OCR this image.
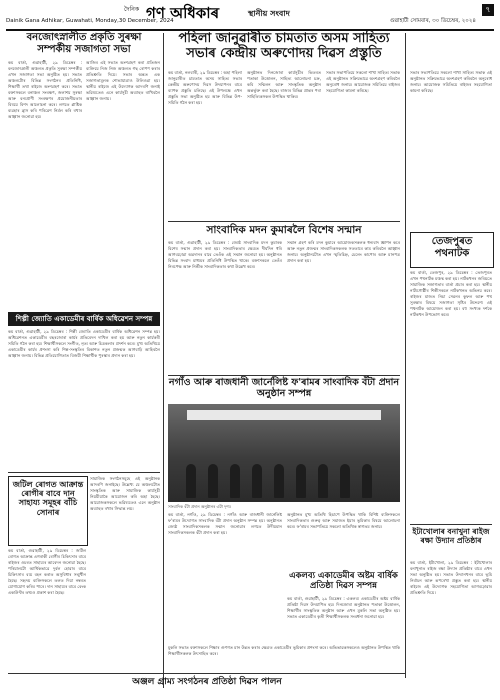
দৈনিক গণ অধিকাৰ	স্থানীয় সংবাদ
Dainik Gana Adhikar, Guwahati, Monday,30 December, 2024	গুৱাহাটী সোমবাৰ, ৩০ ডিচেম্বৰ, ২০২৪
৭
বনজোৎস্নালীত প্ৰকৃতি সুৰক্ষা সম্পৰ্কীয় সজাগতা সভা

কম বাৰ্তা, গুৱাহাটী, ২৯ ডিচেম্বৰ : বনজোৎস্নালী অঞ্চলত প্ৰকৃতি সুৰক্ষা সম্পৰ্কীয় এখন সজাগতা সভা অনুষ্ঠিত হয়। সভাত অঞ্চলটোৰ বিভিন্ন সংগঠনৰ প্ৰতিনিধি, শিক্ষাৰ্থী তথা ৰাইজে অংশগ্ৰহণ কৰে। সভাত বক্তাসকলে বনাঞ্চল সংৰক্ষণ, জলাশয় সুৰক্ষা আৰু বন্যপ্ৰাণী সংৰক্ষণৰ প্ৰয়োজনীয়তাৰ বিষয়ে বিশদ আলোচনা কৰে। লগতে প্লাষ্টিক ব্যৱহাৰ হ্ৰাস কৰি পৰিৱেশ নিৰ্মল কৰি ৰখাৰ আহ্বান জনোৱা হয়।

আজিৰ এই সভাত অংশগ্ৰহণ কৰা প্ৰতিজন ব্যক্তিয়ে নিজ নিজ অঞ্চলত গছ ৰোপণ কৰাৰ প্ৰতিশ্ৰুতি দিয়ে। সভাৰ অন্তত এক সজাগতামূলক শোভাযাত্ৰাও উলিওৱা হয়। স্থানীয় ৰাইজে এই উদ্যোগক আদৰণি জনাই ভৱিষ্যতেও এনে কাৰ্যসূচী অব্যাহত ৰাখিবলৈ আহ্বান জনায়।

শিল্পী জ্যোতি একাডেমীৰ বাৰ্ষিক অধিৱেশন সম্পন্ন

কম বাৰ্তা, গুৱাহাটী, ২৯ ডিচেম্বৰ : শিল্পী জ্যোতি একাডেমীৰ বাৰ্ষিক অধিৱেশন সম্পন্ন হয়। অধিৱেশনত একাডেমীৰ বছৰজোৰা কাৰ্যৰ প্ৰতিবেদন দাখিল কৰা হয় আৰু নতুন কাৰ্যকৰী সমিতি গঠন কৰা হয়। শিক্ষাৰ্থীসকলে সংগীত, নৃত্য আৰু চিত্ৰকলাৰ প্ৰদৰ্শন কৰে। মুখ্য অতিথিয়ে একাডেমীৰ কাৰ্যৰ প্ৰশংসা কৰি শিল্প-সংস্কৃতিৰ বিকাশত নতুন প্ৰজন্মক আগবাঢ়ি আহিবলৈ আহ্বান জনায়। বিভিন্ন প্ৰতিযোগিতাত বিজয়ী শিক্ষাৰ্থীক পুৰস্কাৰ প্ৰদান কৰা হয়।

জটিল ৰোগত আক্ৰান্ত ৰোগীৰ বাবে দান সাহায্য সমূহৰ বাঁচি সোনাৰ

সামাজিক সংগঠনসমূহে এই অনুষ্ঠানক আদৰণি জনাইছে। উল্লেখ্য যে অঞ্চলটোত সাংস্কৃতিক আৰু সামাজিক কাৰ্যসূচী নিয়মীয়াকৈ আয়োজন কৰি অহা হৈছে। আয়োজকসকলে ভৱিষ্যতেও এনে অনুষ্ঠান অব্যাহত ৰখাৰ সিদ্ধান্ত লয়।

কম বাৰ্তা, গুৱাহাটী, ২৯ ডিচেম্বৰ : জটিল ৰোগত আক্ৰান্ত এগৰাকী ৰোগীৰ চিকিৎসাৰ বাবে ৰাইজৰ ওচৰত সাহায্যৰ আবেদন জনোৱা হৈছে। পৰিয়ালটো আৰ্থিকভাৱে দুৰ্বল হোৱাৰ বাবে চিকিৎসাৰ ব্যয় বহন কৰাত অসুবিধাৰ সন্মুখীন হৈছে। সহৃদয় ব্যক্তিসকলে তলত দিয়া নম্বৰত যোগাযোগ কৰিব পাৰে। দান সাহায্যৰ বাবে বেংক একাউণ্টৰ তথ্যও প্ৰকাশ কৰা হৈছে।

পহিলা জানুৱাৰীত চামতাত অসম সাহিত্য সভাৰ কেন্দ্ৰীয় অৰুণোদয় দিৱস প্ৰস্তুতি

কম বাৰ্তা, নলবাৰী, ২৯ ডিচেম্বৰ : অহা পহিলা জানুৱাৰীত চামতাত অসম সাহিত্য সভাৰ কেন্দ্ৰীয় অৰুণোদয় দিৱস উদযাপনৰ বাবে ব্যাপক প্ৰস্তুতি চলিছে। এই উপলক্ষে এখন প্ৰস্তুতি সভা অনুষ্ঠিত হয় আৰু বিভিন্ন উপ-সমিতি গঠন কৰা হয়।

অনুষ্ঠানত দিনজোৰা কাৰ্যসূচীৰ ভিতৰত পতাকা উত্তোলন, সাহিত্য আলোচনা চক্ৰ, কবি সন্মিলন আৰু সাংস্কৃতিক অনুষ্ঠান অন্তৰ্ভুক্ত কৰা হৈছে। ৰাজ্যৰ বিভিন্ন প্ৰান্তৰ পৰা সাহিত্যিকসকল উপস্থিত থাকিব।

সভাৰ সভাপতিয়ে সকলো শাখা সাহিত্য সভাক এই অনুষ্ঠানত সক্ৰিয়ভাৱে অংশগ্ৰহণ কৰিবলৈ অনুৰোধ জনায়। আয়োজক সমিতিয়ে ৰাইজৰ সহযোগিতা কামনা কৰিছে।

সাংবাদিক মদন কুমাৰলৈ বিশেষ সন্মান

কম বাৰ্তা, গুৱাহাটী, ২৯ ডিচেম্বৰ : জ্যেষ্ঠ সাংবাদিক মদন কুমাৰক বিশেষ সন্মান প্ৰদান কৰা হয়। সাংবাদিকতাৰ ক্ষেত্ৰত দীৰ্ঘদিন ধৰি আগবঢ়োৱা অৱদানৰ বাবে তেওঁক এই সন্মান জনোৱা হয়। অনুষ্ঠানত বিভিন্ন সংবাদ মাধ্যমৰ প্ৰতিনিধি উপস্থিত থাকে। বক্তাসকলে তেওঁৰ নিৰপেক্ষ আৰু নিৰ্ভীক সাংবাদিকতাৰ কথা উল্লেখ কৰে।

সন্মান গ্ৰহণ কৰি মদন কুমাৰে আয়োজকসকলক ধন্যবাদ জ্ঞাপন কৰে আৰু নতুন প্ৰজন্মৰ সাংবাদিকসকলক সততাৰে কাম কৰিবলৈ আহ্বান জনায়। অনুষ্ঠানটোত এখন স্মৃতিচিহ্ন, চেলেং কাপোৰ আৰু মানপত্ৰ প্ৰদান কৰা হয়।

নগাঁও আৰু ৰাজধানী জাৰ্নেলিষ্ট ফ'ৰামৰ সাংবাদিক বঁটা প্ৰদান অনুষ্ঠান সম্পন্ন
সাংবাদিক বঁটা প্ৰদান অনুষ্ঠানৰ এটা দৃশ্য।

কম বাৰ্তা, নগাঁও, ২৯ ডিচেম্বৰ : নগাঁও আৰু ৰাজধানী জাৰ্নেলিষ্ট ফ'ৰামৰ উদ্যোগত সাংবাদিক বঁটা প্ৰদান অনুষ্ঠান সম্পন্ন হয়। অনুষ্ঠানত জ্যেষ্ঠ সাংবাদিকসকলক সন্মান জনোৱাৰ লগতে উদীয়মান সাংবাদিকসকলক বঁটা প্ৰদান কৰা হয়।

অনুষ্ঠানত মুখ্য অতিথি হিচাপে উপস্থিত থাকি বিশিষ্ট ব্যক্তিসকলে সাংবাদিকতাৰ গুৰুত্ব আৰু সমাজত ইয়াৰ ভূমিকাৰ বিষয়ে আলোচনা কৰে। ফ'ৰামৰ সভাপতিয়ে সকলো অতিথিক স্বাগতম জনায়।

একলব্য একাডেমীৰ অষ্টম বাৰ্ষিক প্ৰতিষ্ঠা দিৱস সম্পন্ন

কম বাৰ্তা, গুৱাহাটী, ২৯ ডিচেম্বৰ : একলব্য একাডেমীৰ অষ্টম বাৰ্ষিক প্ৰতিষ্ঠা দিৱস উদযাপিত হয়। দিনজোৰা অনুষ্ঠানত পতাকা উত্তোলন, শিক্ষাৰ্থীৰ সাংস্কৃতিক অনুষ্ঠান আৰু এখন মুকলি সভা অনুষ্ঠিত হয়। সভাত একাডেমীৰ কৃতী শিক্ষাৰ্থীসকলক সংবৰ্ধনা জনোৱা হয়।

অঞ্জল গ্ৰাম্য সংগঠনৰ প্ৰতিষ্ঠা দিৱস পালন

মুকলি সভাত বক্তাসকলে শিক্ষাৰ গুণগত মান উন্নত কৰাৰ ক্ষেত্ৰত একাডেমীৰ ভূমিকাৰ প্ৰশংসা কৰে। অভিভাৱকসকলেও অনুষ্ঠানত উপস্থিত থাকি শিক্ষাৰ্থীসকলক উৎসাহিত কৰে।

তেজপুৰত পথনাটক

সভাৰ সভাপতিয়ে সকলো শাখা সাহিত্য সভাক এই অনুষ্ঠানত সক্ৰিয়ভাৱে অংশগ্ৰহণ কৰিবলৈ অনুৰোধ জনায়। আয়োজক সমিতিয়ে ৰাইজৰ সহযোগিতা কামনা কৰিছে।

কম বাৰ্তা, তেজপুৰ, ২৯ ডিচেম্বৰ : তেজপুৰত এখন পথনাটক মঞ্চস্থ কৰা হয়। নাটকখনৰ জৰিয়তে সামাজিক সজাগতাৰ বাৰ্তা প্ৰচাৰ কৰা হয়। স্থানীয় নাট্যগোষ্ঠীৰ শিল্পীসকলে নাটকখনত অভিনয় কৰে। ৰাইজৰ মাজত নিচা সেৱনৰ কুফল আৰু পথ সুৰক্ষাৰ বিষয়ে সজাগতা সৃষ্টিৰ উদ্দেশ্যে এই পথনাটক আয়োজন কৰা হয়। বহু সংখ্যক দৰ্শকে নাটকখন উপভোগ কৰে।

ইটাখোলাৰ বনাখুনা ৰাইজ ৰক্ষা উদ্যান প্ৰতিষ্ঠাৰ

কম বাৰ্তা, ইটাখোলা, ২৯ ডিচেম্বৰ : ইটাখোলাৰ বনাখুনাত ৰাইজ ৰক্ষা উদ্যান প্ৰতিষ্ঠাৰ বাবে এখন সভা অনুষ্ঠিত হয়। সভাত উদ্যানখনৰ বাবে ভূমি নিৰ্বাচন আৰু ৰূপৰেখা প্ৰস্তুত কৰা হয়। স্থানীয় ৰাইজে এই উদ্যোগক সহযোগিতা আগবঢ়োৱাৰ প্ৰতিশ্ৰুতি দিয়ে।
